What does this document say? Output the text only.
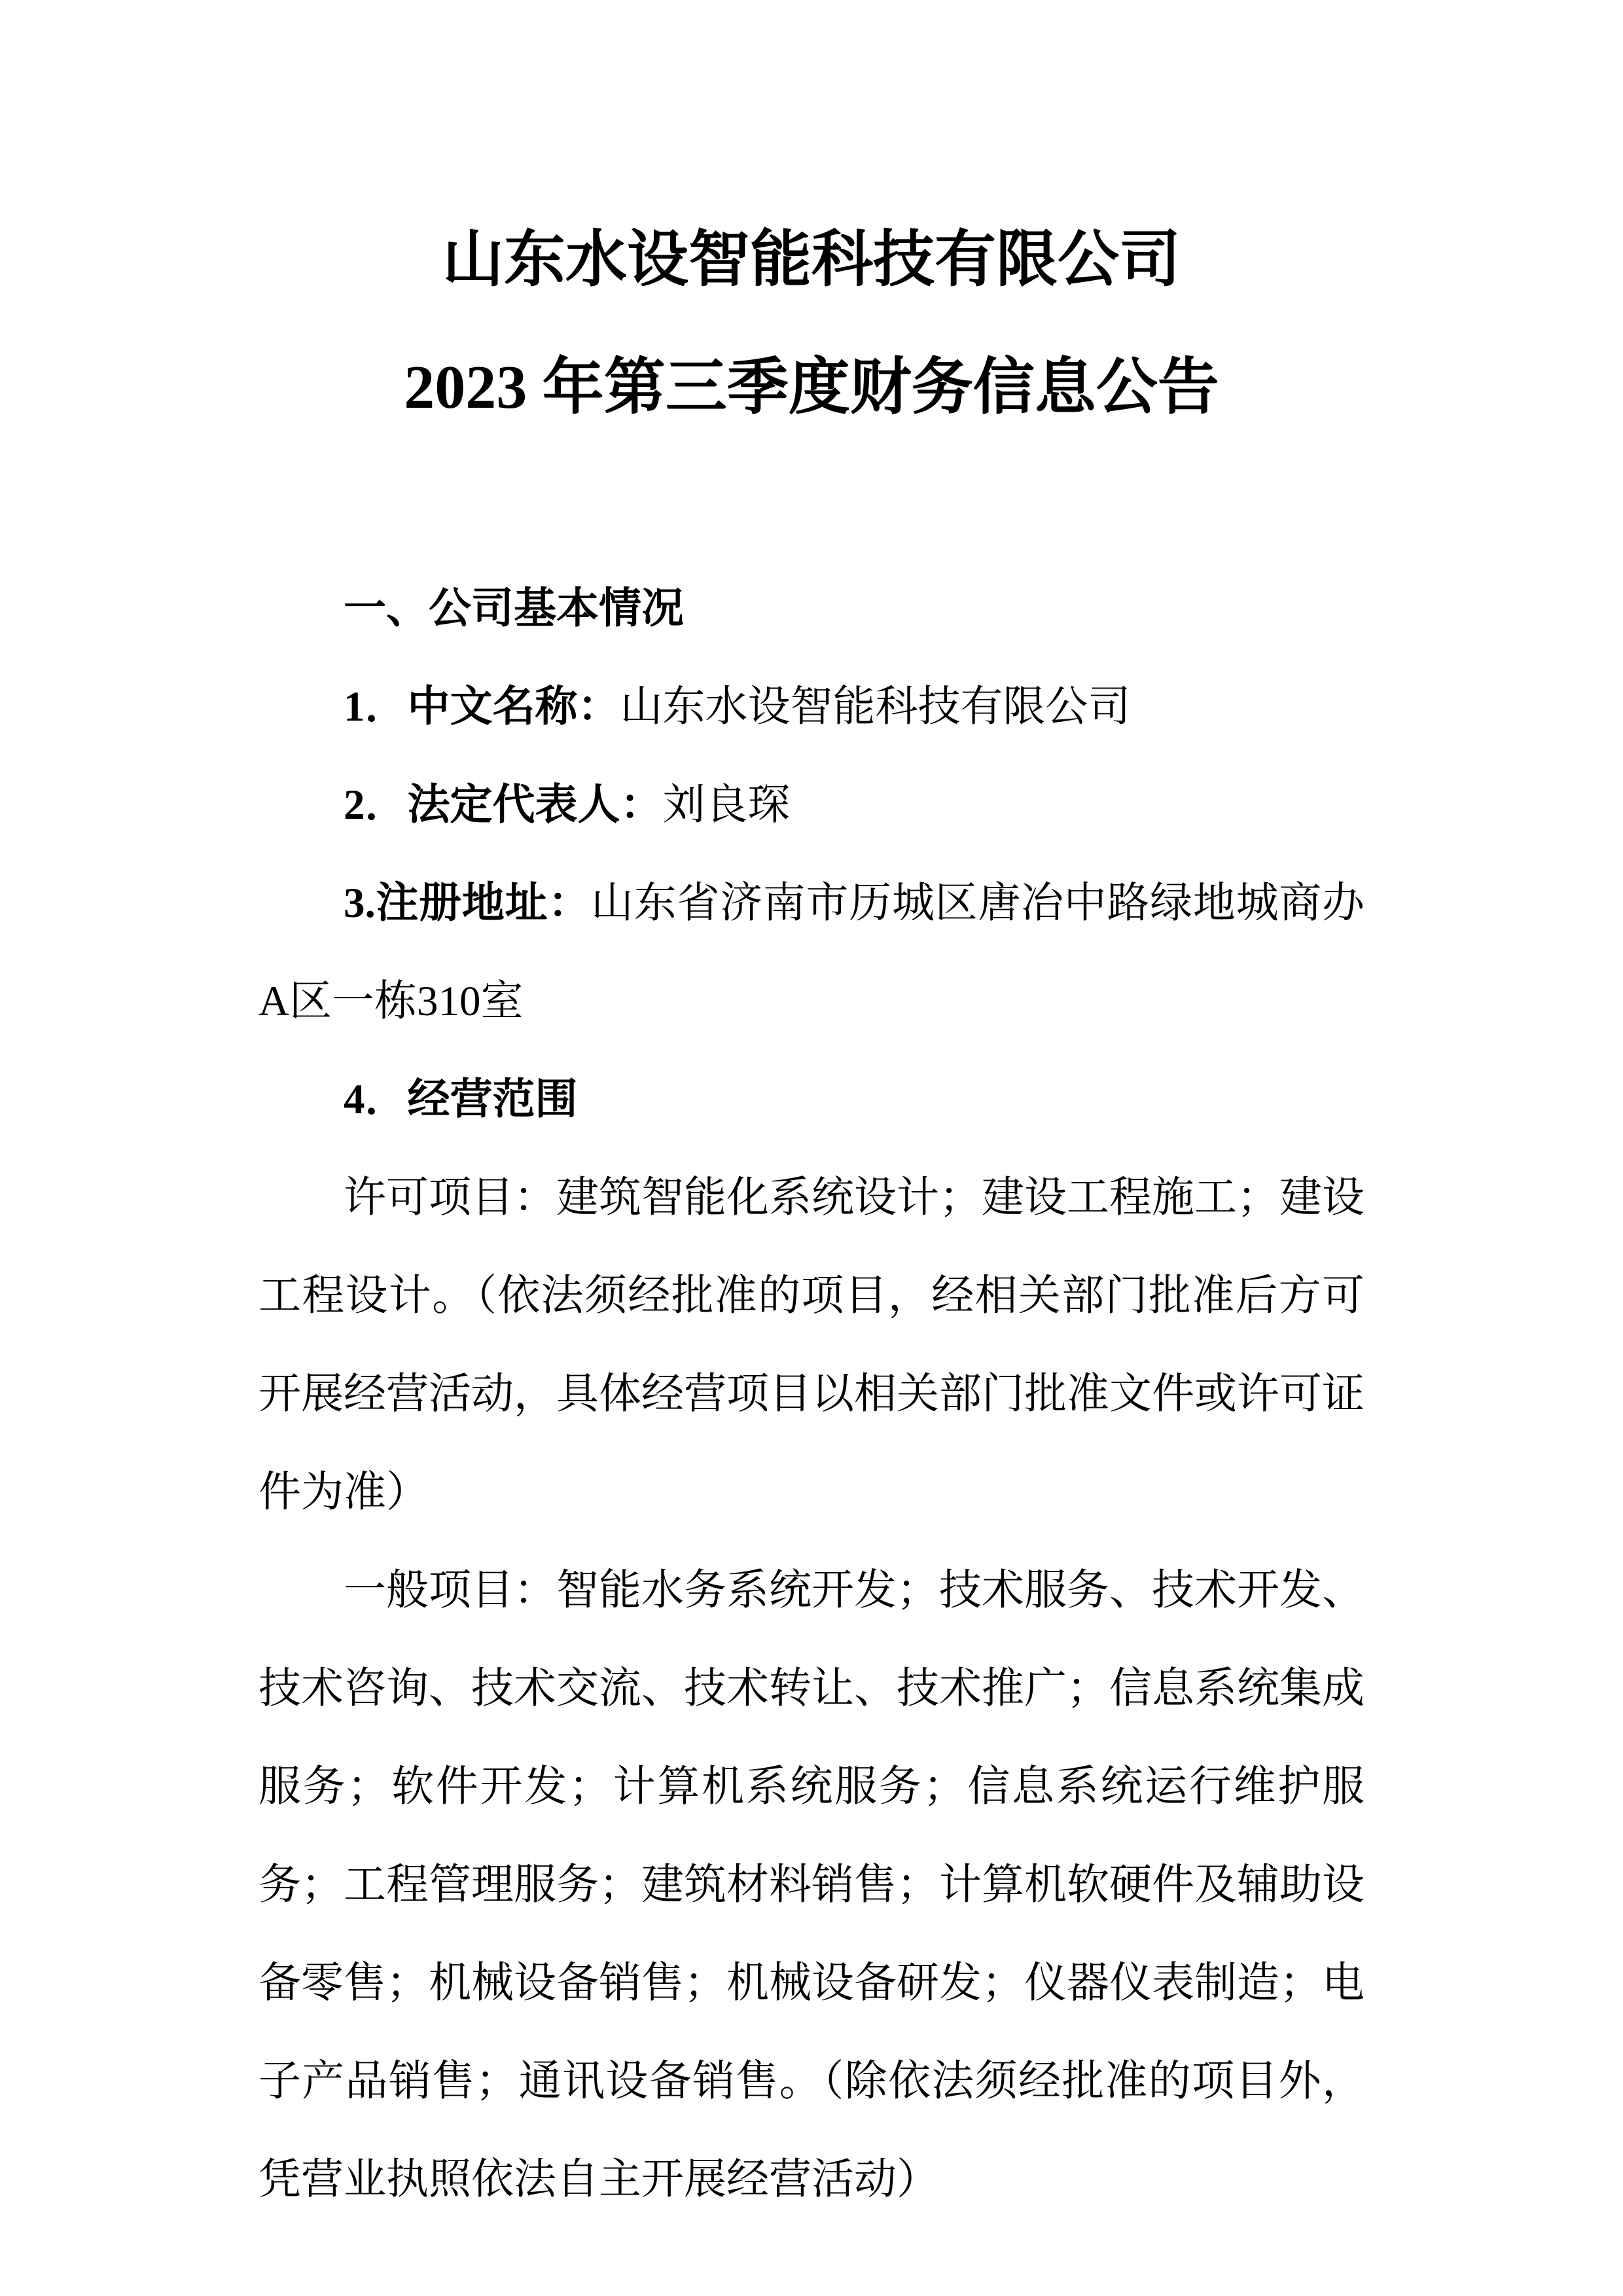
山东水设智能科技有限公司
2023 年第三季度财务信息公告

一、公司基本情况

1．中文名称：山东水设智能科技有限公司

2．法定代表人：刘良琛

3.注册地址：山东省济南市历城区唐冶中路绿地城商办A区一栋310室

4．经营范围

许可项目：建筑智能化系统设计；建设工程施工；建设工程设计。（依法须经批准的项目，经相关部门批准后方可开展经营活动，具体经营项目以相关部门批准文件或许可证件为准）

一般项目：智能水务系统开发；技术服务、技术开发、技术咨询、技术交流、技术转让、技术推广；信息系统集成服务；软件开发；计算机系统服务；信息系统运行维护服务；工程管理服务；建筑材料销售；计算机软硬件及辅助设备零售；机械设备销售；机械设备研发；仪器仪表制造；电子产品销售；通讯设备销售。（除依法须经批准的项目外，凭营业执照依法自主开展经营活动）
